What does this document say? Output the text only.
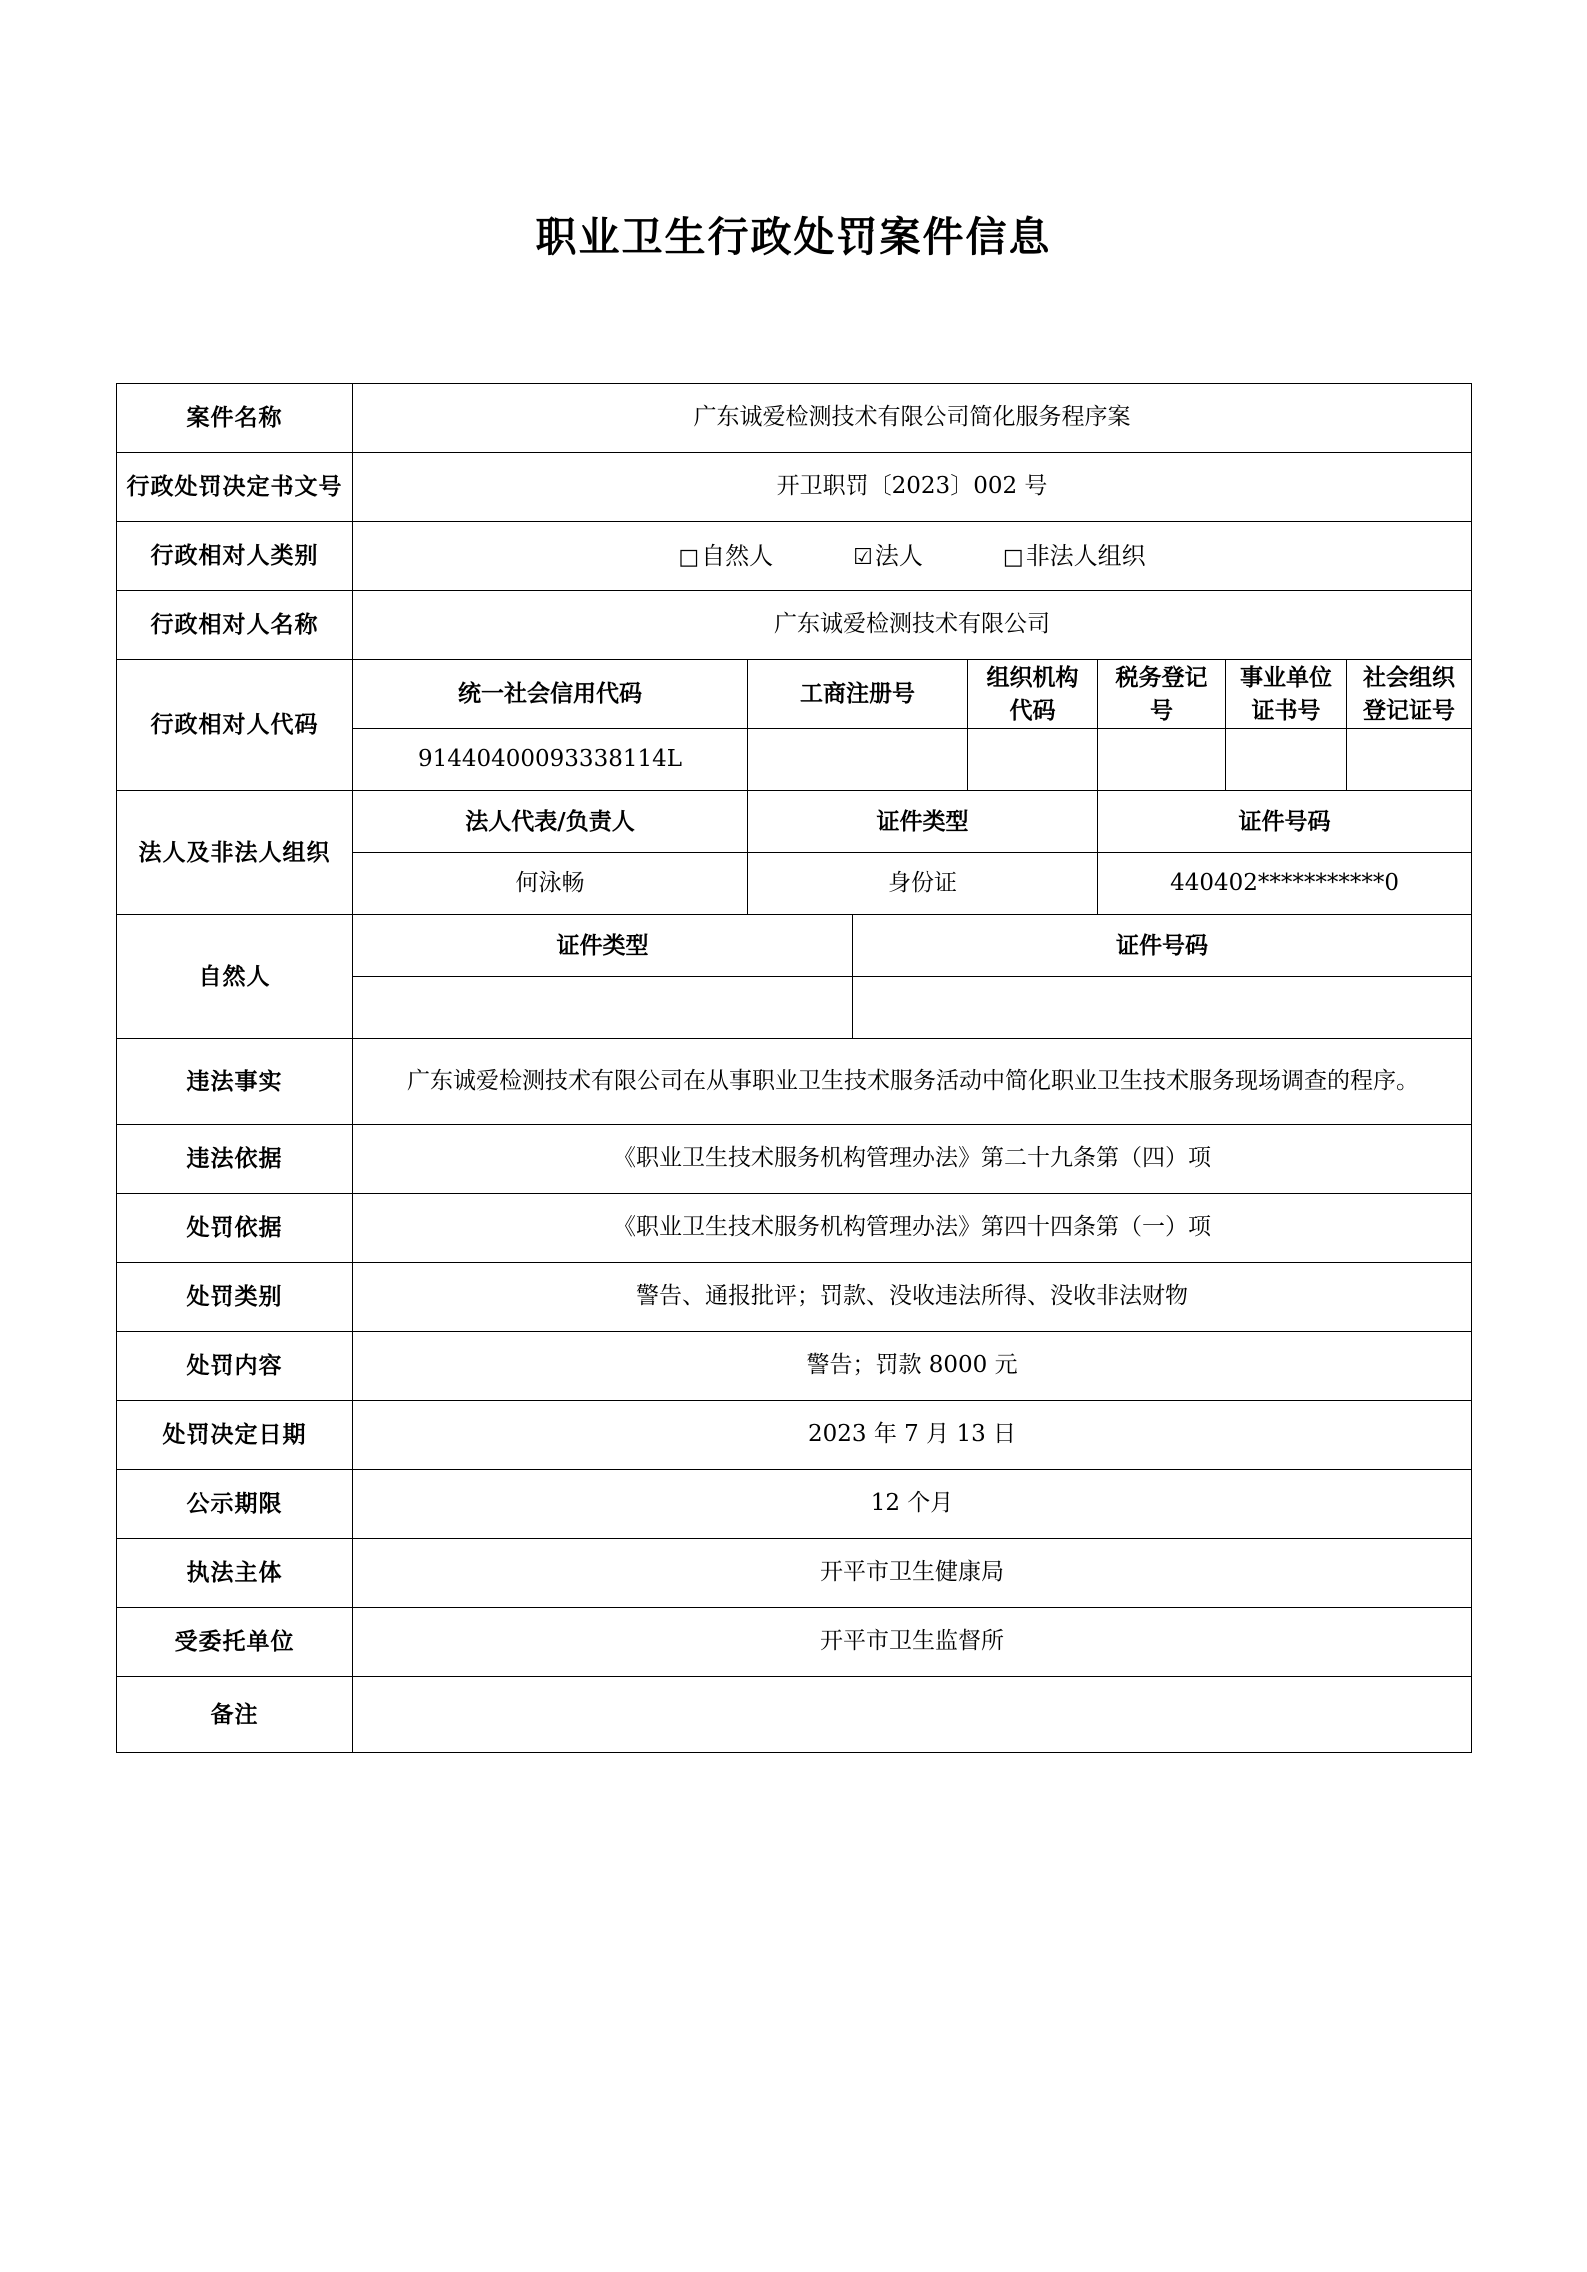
职业卫生行政处罚案件信息
案件名称	广东诚爱检测技术有限公司简化服务程序案						
行政处罚决定书文号	开卫职罚〔2023〕002 号						
行政相对人类别	□自然人 ☑法人 □非法人组织						

行政相对人名称	广东诚爱检测技术有限公司						
行政相对人代码	统一社会信用代码	工商注册号		组织机构代码	税务登记号	事业单位证书号	社会组织登记证号
	91440400093338114L						
法人及非法人组织	法人代表/负责人	证件类型			证件号码		
	何泳畅	身份证			440402***********0		
自然人	证件类型		证件号码				

违法事实	广东诚爱检测技术有限公司在从事职业卫生技术服务活动中简化职业卫生技术服务现场调查的程序。						
违法依据	《职业卫生技术服务机构管理办法》第二十九条第（四）项						
处罚依据	《职业卫生技术服务机构管理办法》第四十四条第（一）项						
处罚类别	警告、通报批评；罚款、没收违法所得、没收非法财物						
处罚内容	警告；罚款 8000 元						
处罚决定日期	2023 年 7 月 13 日						
公示期限	12 个月						
执法主体	开平市卫生健康局						
受委托单位	开平市卫生监督所						
备注							
